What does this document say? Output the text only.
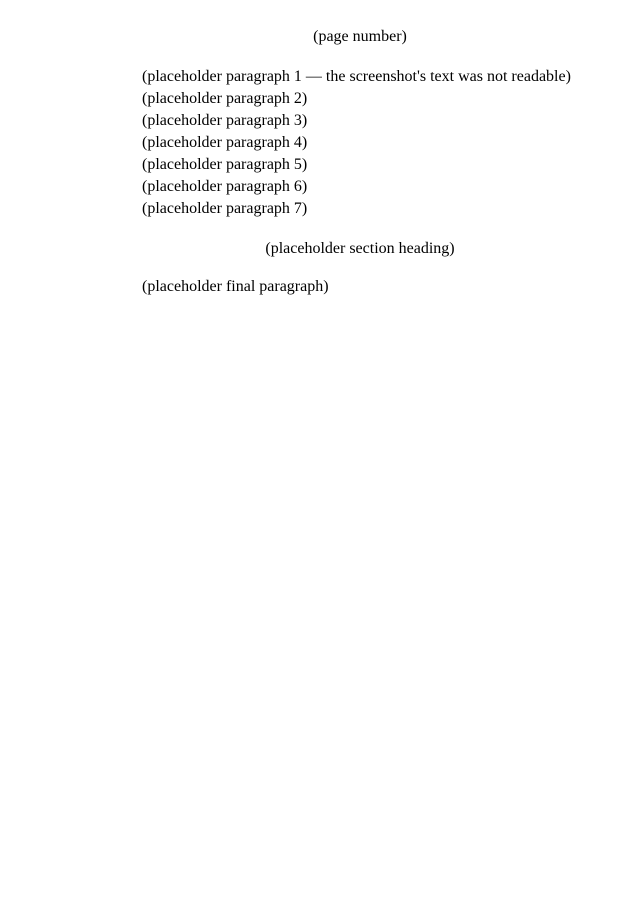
(page number)

(placeholder paragraph 1 — the screenshot's text was not readable)

(placeholder paragraph 2)

(placeholder paragraph 3)

(placeholder paragraph 4)

(placeholder paragraph 5)

(placeholder paragraph 6)

(placeholder paragraph 7)

(placeholder section heading)

(placeholder final paragraph)
